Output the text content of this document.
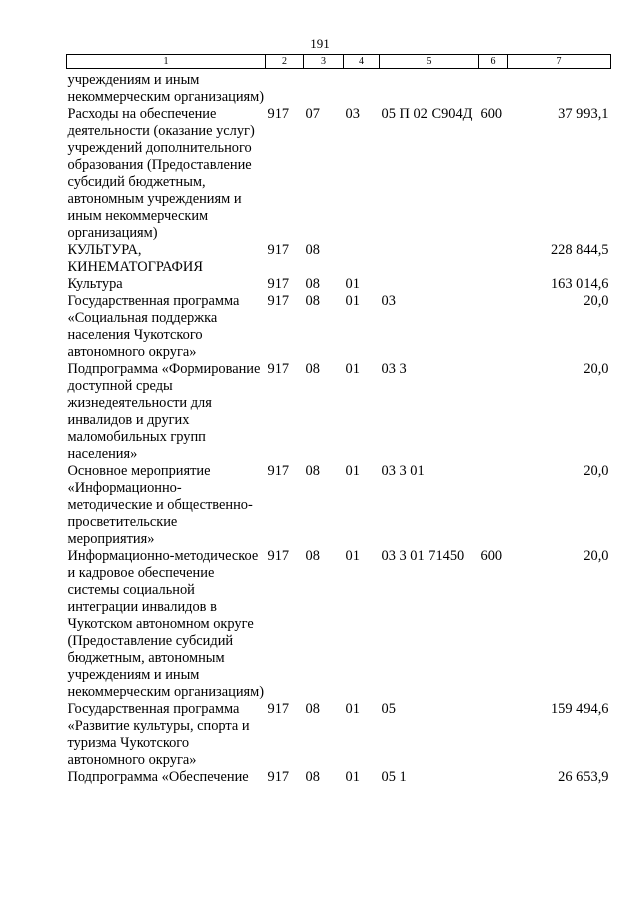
191
1	2	3	4	5	6	7
учреждениям и иным некоммерческим организациям)						
Расходы на обеспечение деятельности (оказание услуг) учреждений дополнительного образования (Предоставление субсидий бюджетным, автономным учреждениям и иным некоммерческим организациям)	917	07	03	05 П 02 С904Д	600	37 993,1
КУЛЬТУРА, КИНЕМАТОГРАФИЯ	917	08				228 844,5
Культура	917	08	01			163 014,6
Государственная программа «Социальная поддержка населения Чукотского автономного округа»	917	08	01	03		20,0
Подпрограмма «Формирование доступной среды жизнедеятельности для инвалидов и других маломобильных групп населения»	917	08	01	03 3		20,0
Основное мероприятие «Информационно-методические и общественно-просветительские мероприятия»	917	08	01	03 3 01		20,0
Информационно-методическое и кадровое обеспечение системы социальной интеграции инвалидов в Чукотском автономном округе (Предоставление субсидий бюджетным, автономным учреждениям и иным некоммерческим организациям)	917	08	01	03 3 01 71450	600	20,0
Государственная программа «Развитие культуры, спорта и туризма Чукотского автономного округа»	917	08	01	05		159 494,6
Подпрограмма «Обеспечение	917	08	01	05 1		26 653,9
